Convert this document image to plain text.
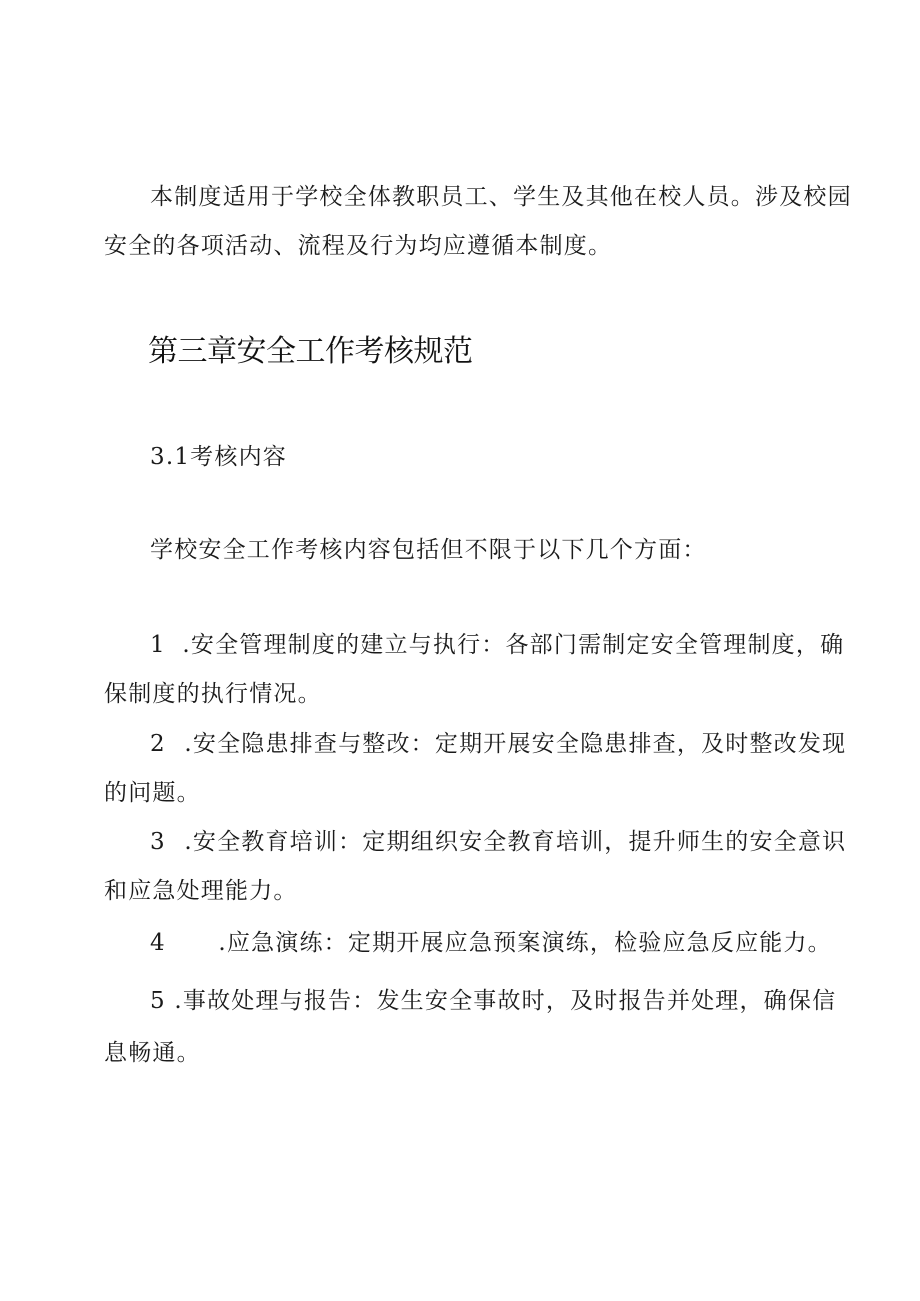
本制度适用于学校全体教职员工、学生及其他在校人员。涉及校园

安全的各项活动、流程及行为均应遵循本制度。

第三章安全工作考核规范

3.1考核内容

学校安全工作考核内容包括但不限于以下几个方面：

1 .安全管理制度的建立与执行：各部门需制定安全管理制度，确

保制度的执行情况。

2 .安全隐患排查与整改：定期开展安全隐患排查，及时整改发现

的问题。

3 .安全教育培训：定期组织安全教育培训，提升师生的安全意识

和应急处理能力。

4 .应急演练：定期开展应急预案演练，检验应急反应能力。

5 .事故处理与报告：发生安全事故时，及时报告并处理，确保信

息畅通。
